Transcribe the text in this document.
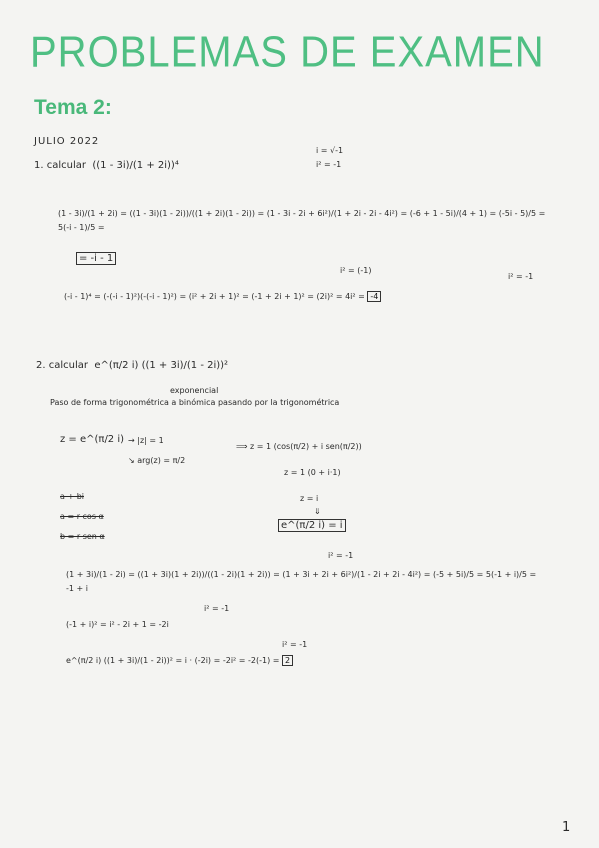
PROBLEMAS DE EXAMEN
Tema 2:
JULIO 2022
1. calcular ((1 - 3i)/(1 + 2i))⁴
i = √-1
i² = -1
(1 - 3i)/(1 + 2i) = ((1 - 3i)(1 - 2i))/((1 + 2i)(1 - 2i)) = (1 - 3i - 2i + 6i²)/(1 + 2i - 2i - 4i²) = (-6 + 1 - 5i)/(4 + 1) = (-5i - 5)/5 = 5(-i - 1)/5 =
= -i - 1
i² = (-1)
i² = -1
(-i - 1)⁴ = (-(-i - 1)²)(-(-i - 1)²) = (i² + 2i + 1)² = (-1 + 2i + 1)² = (2i)² = 4i² = -4
2. calcular e^(π/2 i) ((1 + 3i)/(1 - 2i))²
exponencial
Paso de forma trigonométrica a binómica pasando por la trigonométrica
z = e^(π/2 i) → |z| = 1
↘ arg(z) = π/2
⟹ z = 1 (cos(π/2) + i sen(π/2))
z = 1 (0 + i·1)
z = i
⇓
e^(π/2 i) = i
a + bi
a = r cos α
b = r sen α
i² = -1
(1 + 3i)/(1 - 2i) = ((1 + 3i)(1 + 2i))/((1 - 2i)(1 + 2i)) = (1 + 3i + 2i + 6i²)/(1 - 2i + 2i - 4i²) = (-5 + 5i)/5 = 5(-1 + i)/5 = -1 + i
i² = -1
(-1 + i)² = i² - 2i + 1 = -2i
i² = -1
e^(π/2 i) ((1 + 3i)/(1 - 2i))² = i · (-2i) = -2i² = -2(-1) = 2
1
